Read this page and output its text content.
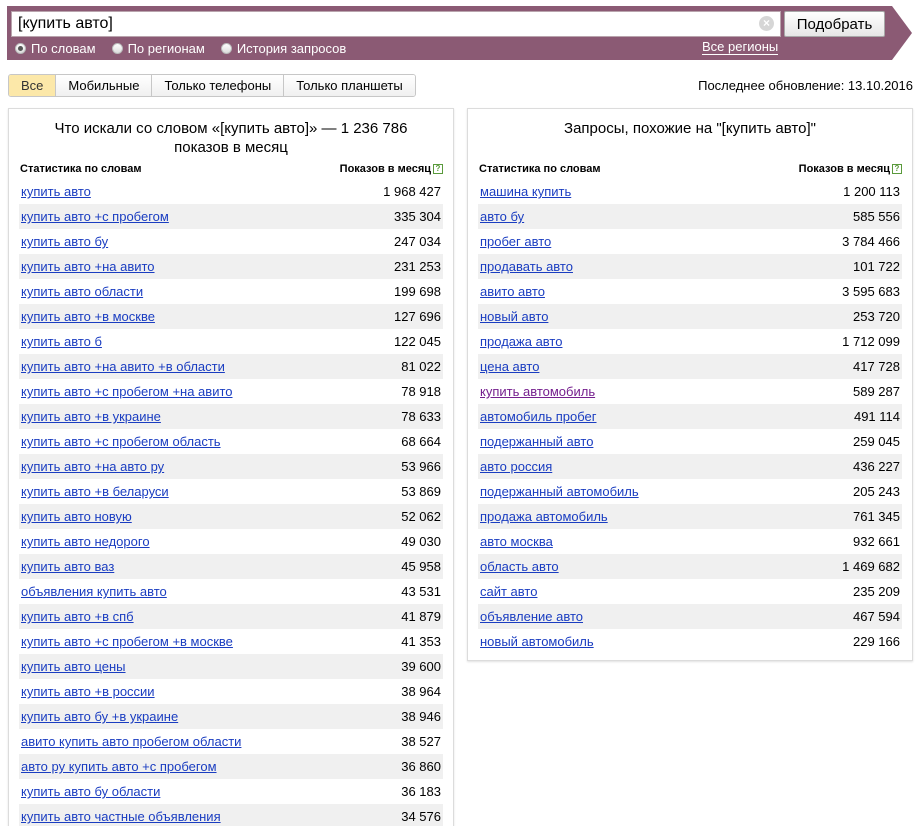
[купить авто]
×	Подобрать
По словам По регионам История запросов	Все регионы
Все	Мобильные	Только телефоны	Только планшеты	Последнее обновление: 13.10.2016
Что искали со словом «[купить авто]» — 1 236 786
показов в месяц
Статистика по словам	Показов в месяц ?
купить авто	1 968 427
купить авто +с пробегом	335 304
купить авто бу	247 034
купить авто +на авито	231 253
купить авто области	199 698
купить авто +в москве	127 696
купить авто б	122 045
купить авто +на авито +в области	81 022
купить авто +с пробегом +на авито	78 918
купить авто +в украине	78 633
купить авто +с пробегом область	68 664
купить авто +на авто ру	53 966
купить авто +в беларуси	53 869
купить авто новую	52 062
купить авто недорого	49 030
купить авто ваз	45 958
объявления купить авто	43 531
купить авто +в спб	41 879
купить авто +с пробегом +в москве	41 353
купить авто цены	39 600
купить авто +в россии	38 964
купить авто бу +в украине	38 946
авито купить авто пробегом области	38 527
авто ру купить авто +с пробегом	36 860
купить авто бу области	36 183
купить авто частные объявления	34 576
Запросы, похожие на "[купить авто]"
Статистика по словам	Показов в месяц ?
машина купить	1 200 113
авто бу	585 556
пробег авто	3 784 466
продавать авто	101 722
авито авто	3 595 683
новый авто	253 720
продажа авто	1 712 099
цена авто	417 728
купить автомобиль	589 287
автомобиль пробег	491 114
подержанный авто	259 045
авто россия	436 227
подержанный автомобиль	205 243
продажа автомобиль	761 345
авто москва	932 661
область авто	1 469 682
сайт авто	235 209
объявление авто	467 594
новый автомобиль	229 166
